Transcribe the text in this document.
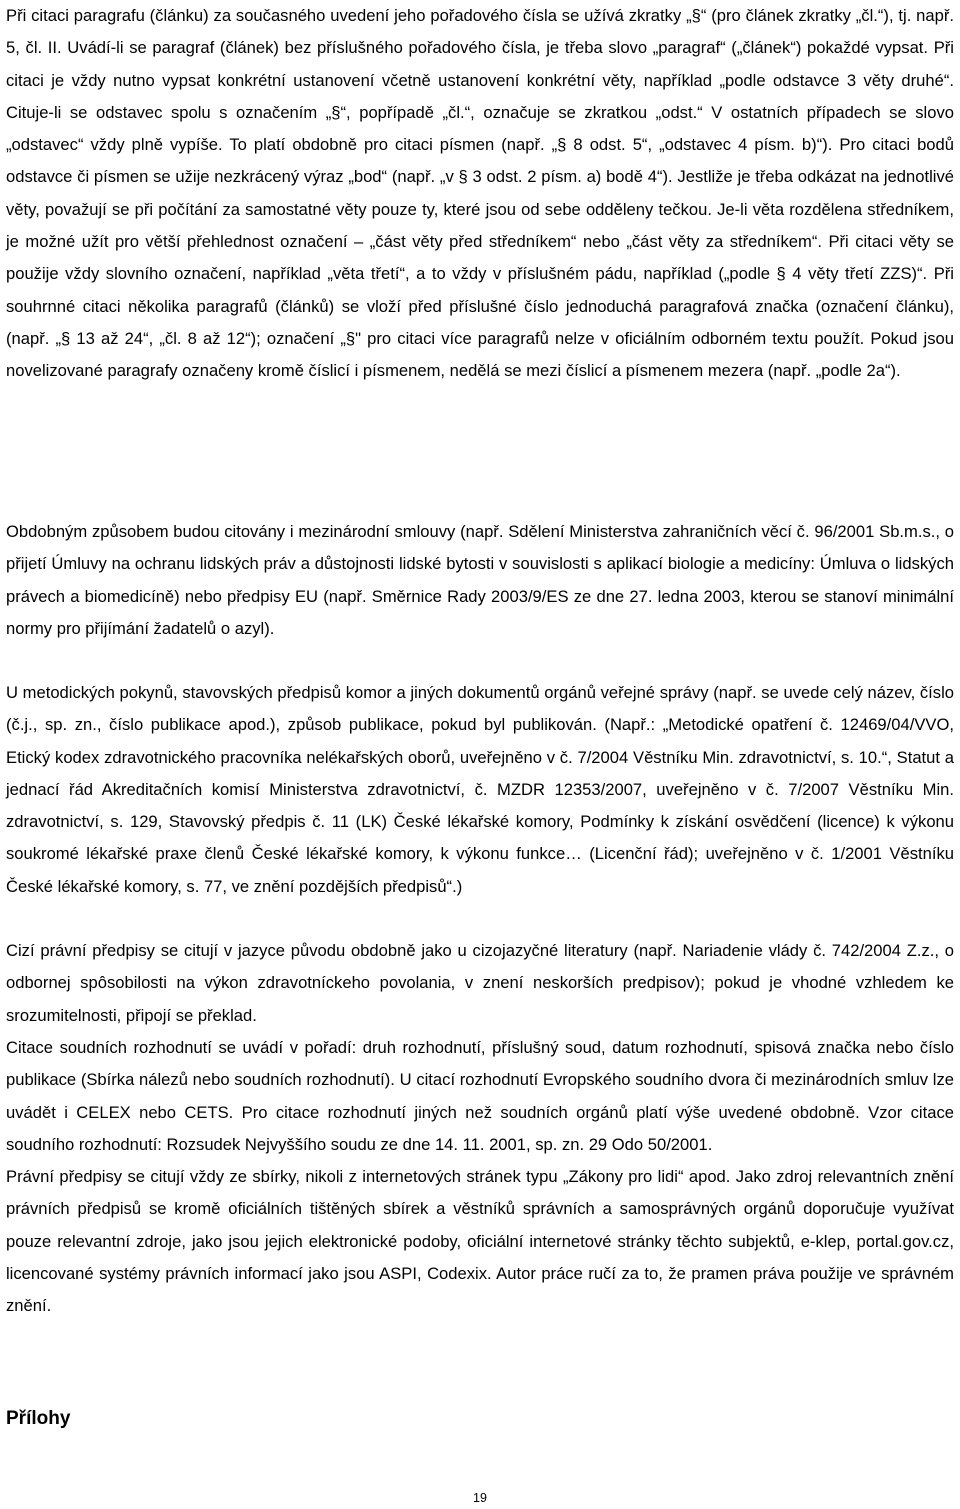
Při citaci paragrafu (článku) za současného uvedení jeho pořadového čísla se užívá zkratky „§“ (pro článek zkratky „čl.“), tj. např. 5, čl. II. Uvádí-li se paragraf (článek) bez příslušného pořadového čísla, je třeba slovo „paragraf“ („článek“) pokaždé vypsat. Při citaci je vždy nutno vypsat konkrétní ustanovení včetně ustanovení konkrétní věty, například „podle odstavce 3 věty druhé“. Cituje-li se odstavec spolu s označením „§“, popřípadě „čl.“, označuje se zkratkou „odst.“ V ostatních případech se slovo „odstavec“ vždy plně vypíše. To platí obdobně pro citaci písmen (např. „§ 8 odst. 5“, „odstavec 4 písm. b)“). Pro citaci bodů odstavce či písmen se užije nezkrácený výraz „bod“ (např. „v § 3 odst. 2 písm. a) bodě 4“). Jestliže je třeba odkázat na jednotlivé věty, považují se při počítání za samostatné věty pouze ty, které jsou od sebe odděleny tečkou. Je-li věta rozdělena středníkem, je možné užít pro větší přehlednost označení – „část věty před středníkem“ nebo „část věty za středníkem“. Při citaci věty se použije vždy slovního označení, například „věta třetí“, a to vždy v příslušném pádu, například („podle § 4 věty třetí ZZS)“. Při souhrnné citaci několika paragrafů (článků) se vloží před příslušné číslo jednoduchá paragrafová značka (označení článku), (např. „§ 13 až 24“, „čl. 8 až 12“); označení „§" pro citaci více paragrafů nelze v oficiálním odborném textu použít. Pokud jsou novelizované paragrafy označeny kromě číslicí i písmenem, nedělá se mezi číslicí a písmenem mezera (např. „podle 2a“).

Obdobným způsobem budou citovány i mezinárodní smlouvy (např. Sdělení Ministerstva zahraničních věcí č. 96/2001 Sb.m.s., o přijetí Úmluvy na ochranu lidských práv a důstojnosti lidské bytosti v souvislosti s aplikací biologie a medicíny: Úmluva o lidských právech a biomedicíně) nebo předpisy EU (např. Směrnice Rady 2003/9/ES ze dne 27. ledna 2003, kterou se stanoví minimální normy pro přijímání žadatelů o azyl).

U metodických pokynů, stavovských předpisů komor a jiných dokumentů orgánů veřejné správy (např. se uvede celý název, číslo (č.j., sp. zn., číslo publikace apod.), způsob publikace, pokud byl publikován. (Např.: „Metodické opatření č. 12469/04/VVO, Etický kodex zdravotnického pracovníka nelékařských oborů, uveřejněno v č. 7/2004 Věstníku Min. zdravotnictví, s. 10.“, Statut a jednací řád Akreditačních komisí Ministerstva zdravotnictví, č. MZDR 12353/2007, uveřejněno v č. 7/2007 Věstníku Min. zdravotnictví, s. 129, Stavovský předpis č. 11 (LK) České lékařské komory, Podmínky k získání osvědčení (licence) k výkonu soukromé lékařské praxe členů České lékařské komory, k výkonu funkce… (Licenční řád); uveřejněno v č. 1/2001 Věstníku České lékařské komory, s. 77, ve znění pozdějších předpisů“.)

Cizí právní předpisy se citují v jazyce původu obdobně jako u cizojazyčné literatury (např. Nariadenie vlády č. 742/2004 Z.z., o odbornej spôsobilosti na výkon zdravotníckeho povolania, v znení neskorších predpisov); pokud je vhodné vzhledem ke srozumitelnosti, připojí se překlad.

Citace soudních rozhodnutí se uvádí v pořadí: druh rozhodnutí, příslušný soud, datum rozhodnutí, spisová značka nebo číslo publikace (Sbírka nálezů nebo soudních rozhodnutí). U citací rozhodnutí Evropského soudního dvora či mezinárodních smluv lze uvádět i CELEX nebo CETS. Pro citace rozhodnutí jiných než soudních orgánů platí výše uvedené obdobně. Vzor citace soudního rozhodnutí: Rozsudek Nejvyššího soudu ze dne 14. 11. 2001, sp. zn. 29 Odo 50/2001.

Právní předpisy se citují vždy ze sbírky, nikoli z internetových stránek typu „Zákony pro lidi“ apod. Jako zdroj relevantních znění právních předpisů se kromě oficiálních tištěných sbírek a věstníků správních a samosprávných orgánů doporučuje využívat pouze relevantní zdroje, jako jsou jejich elektronické podoby, oficiální internetové stránky těchto subjektů, e-klep, portal.gov.cz, licencované systémy právních informací jako jsou ASPI, Codexix. Autor práce ručí za to, že pramen práva použije ve správném znění.

Přílohy
19
